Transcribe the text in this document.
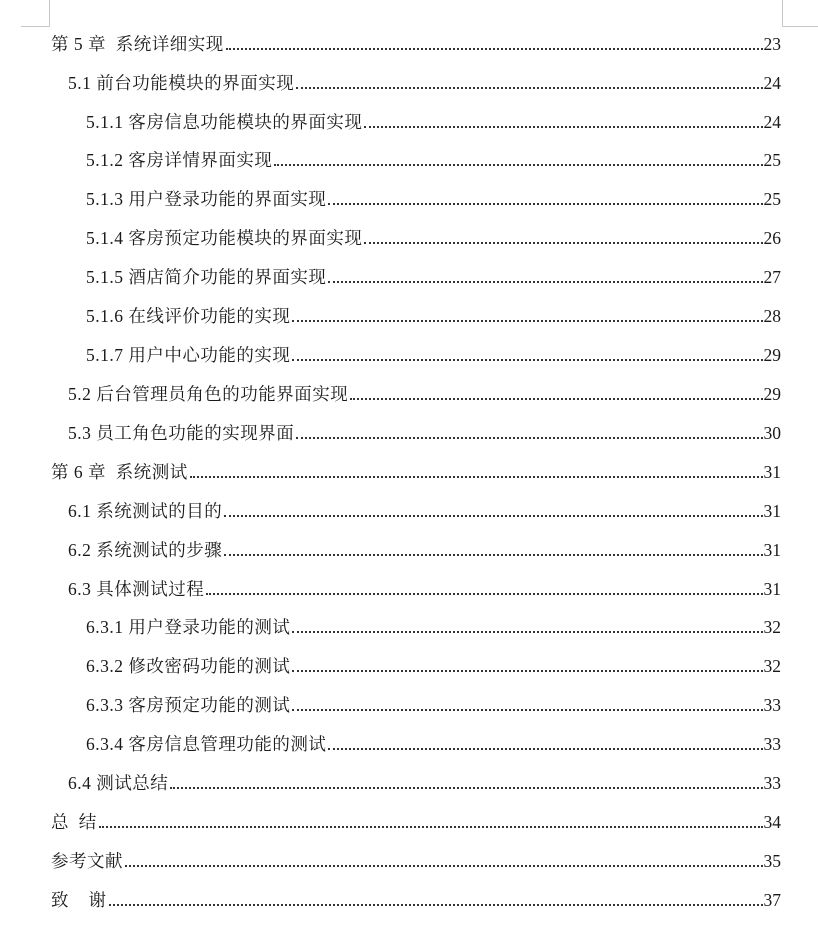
第 5 章  系统详细实现	23
5.1 前台功能模块的界面实现	24
5.1.1 客房信息功能模块的界面实现	24
5.1.2 客房详情界面实现	25
5.1.3 用户登录功能的界面实现	25
5.1.4 客房预定功能模块的界面实现	26
5.1.5 酒店简介功能的界面实现	27
5.1.6 在线评价功能的实现	28
5.1.7 用户中心功能的实现	29
5.2 后台管理员角色的功能界面实现	29
5.3 员工角色功能的实现界面	30
第 6 章  系统测试	31
6.1 系统测试的目的	31
6.2 系统测试的步骤	31
6.3 具体测试过程	31
6.3.1 用户登录功能的测试	32
6.3.2 修改密码功能的测试	32
6.3.3 客房预定功能的测试	33
6.3.4 客房信息管理功能的测试	33
6.4 测试总结	33
总  结	34
参考文献	35
致    谢	37
